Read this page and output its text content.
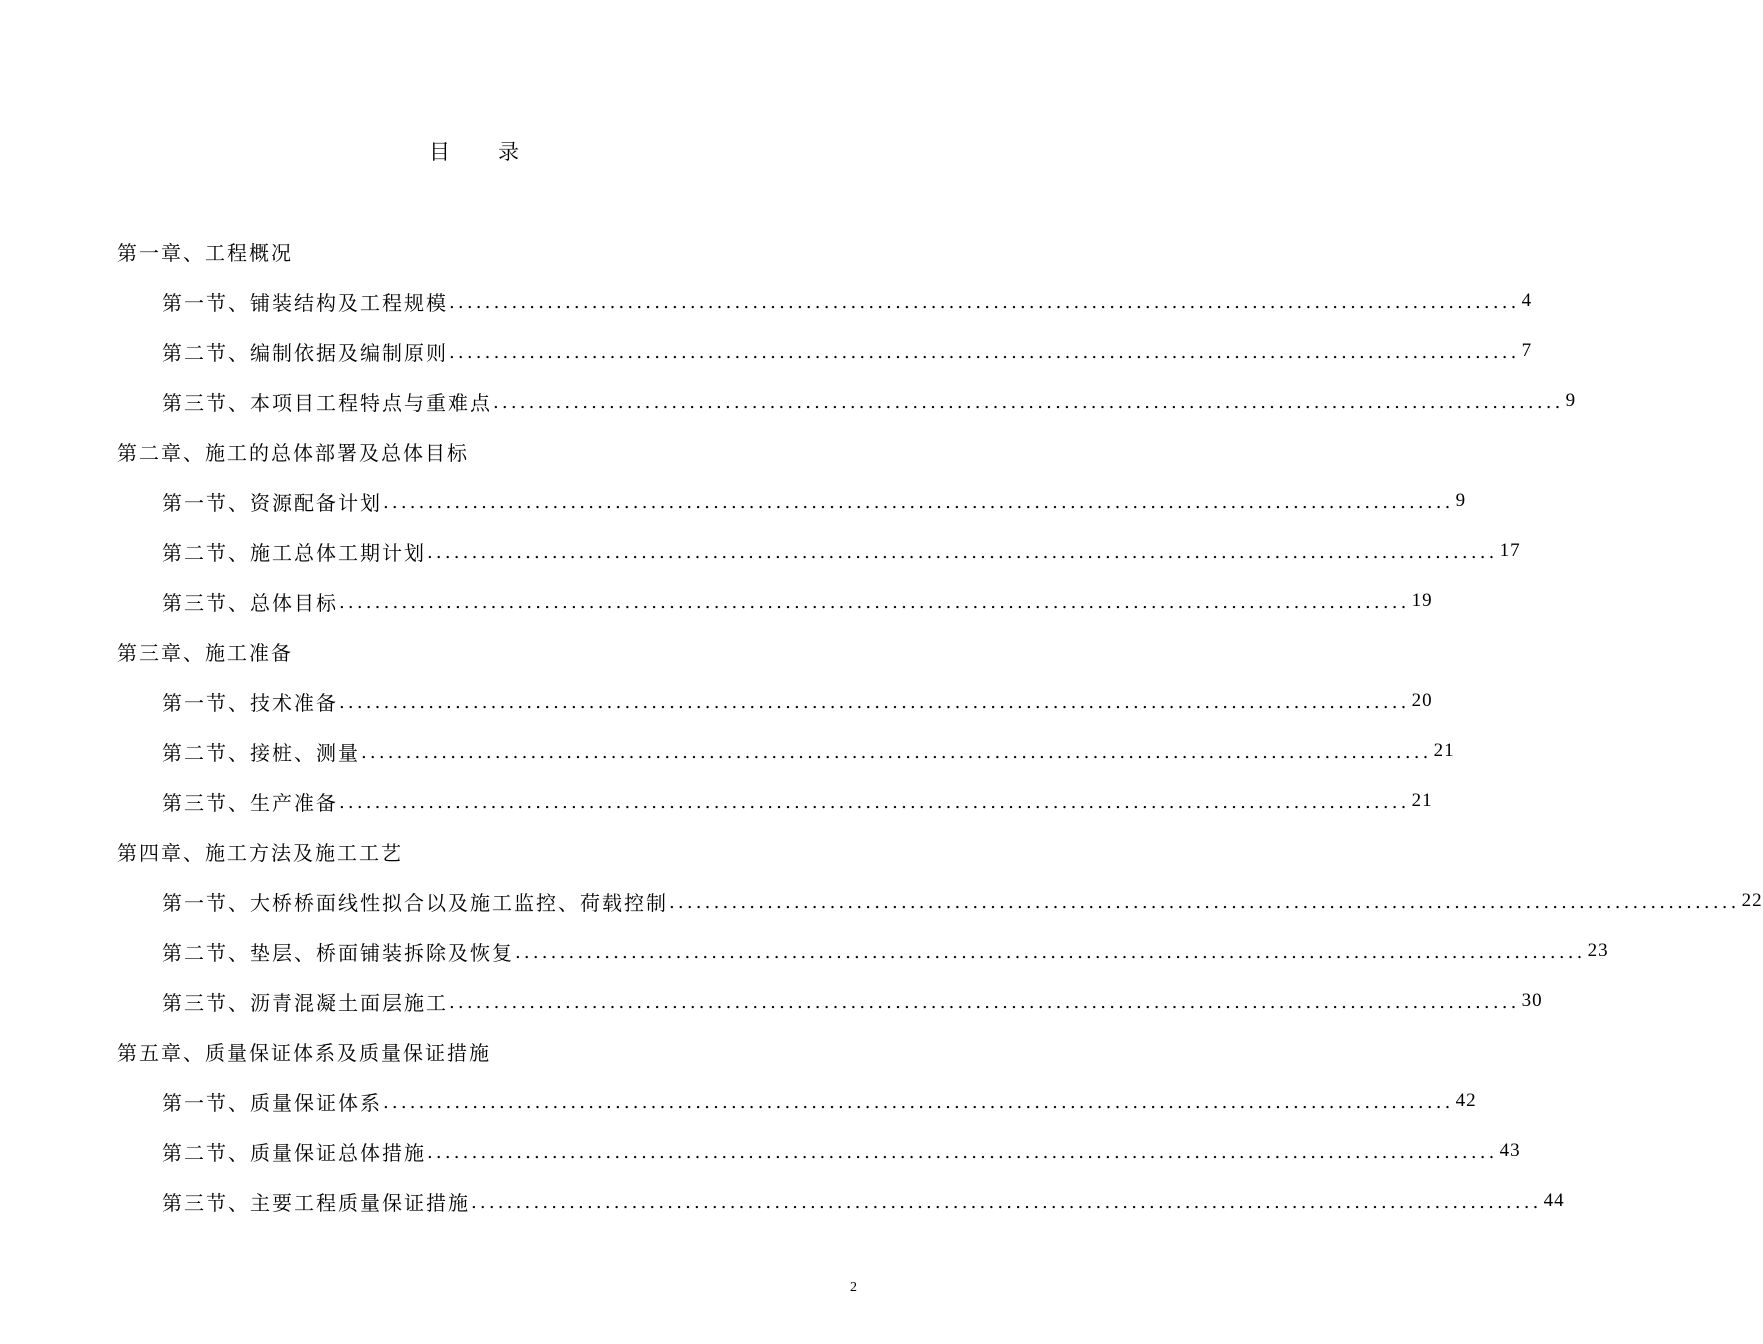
目 录
第一章、工程概况
第一节、铺装结构及工程规模 ........................................................................................................................ 4
第二节、编制依据及编制原则 ........................................................................................................................ 7
第三节、本项目工程特点与重难点 ........................................................................................................................ 9
第二章、施工的总体部署及总体目标
第一节、资源配备计划 ........................................................................................................................ 9
第二节、施工总体工期计划 ........................................................................................................................ 17
第三节、总体目标 ........................................................................................................................ 19
第三章、施工准备
第一节、技术准备 ........................................................................................................................ 20
第二节、接桩、测量 ........................................................................................................................ 21
第三节、生产准备 ........................................................................................................................ 21
第四章、施工方法及施工工艺
第一节、大桥桥面线性拟合以及施工监控、荷载控制 ........................................................................................................................ 22
第二节、垫层、桥面铺装拆除及恢复 ........................................................................................................................ 23
第三节、沥青混凝土面层施工 ........................................................................................................................ 30
第五章、质量保证体系及质量保证措施
第一节、质量保证体系 ........................................................................................................................ 42
第二节、质量保证总体措施 ........................................................................................................................ 43
第三节、主要工程质量保证措施 ........................................................................................................................ 44
2
